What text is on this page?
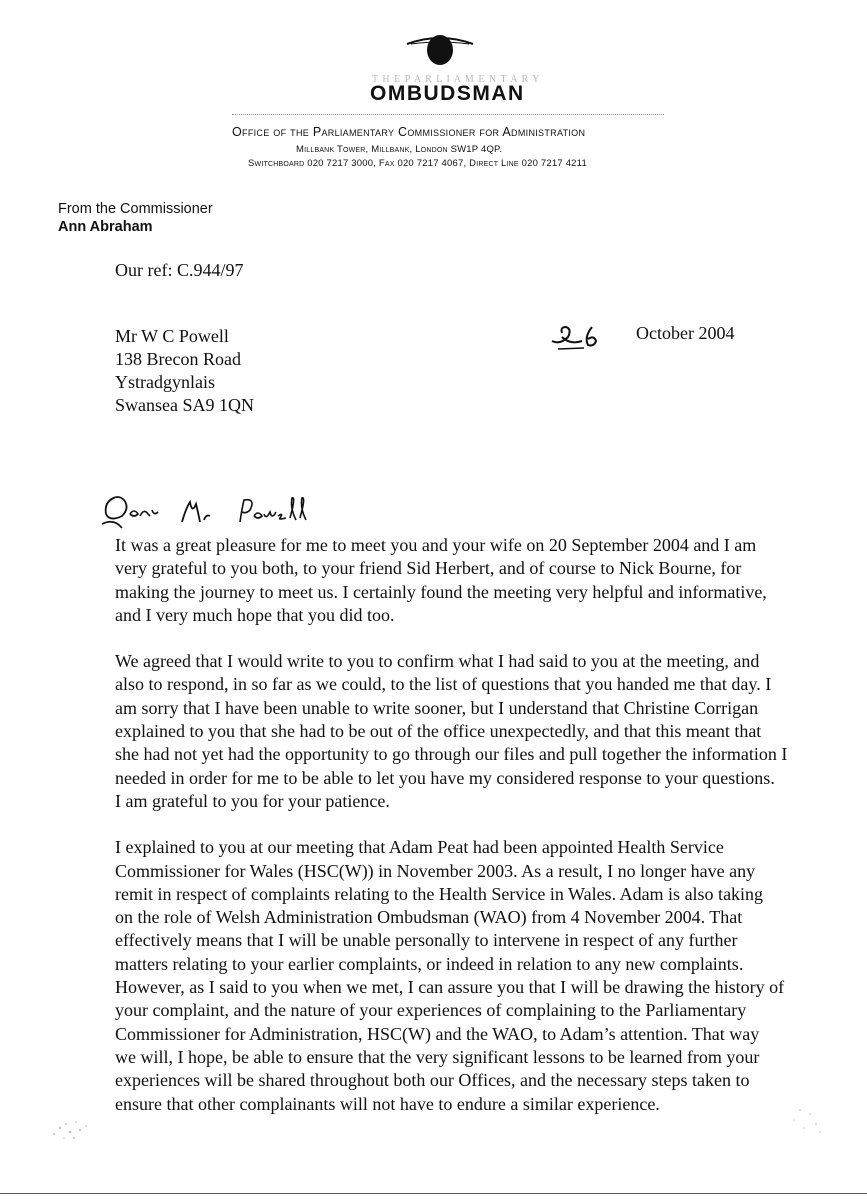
T H E P A R L I A M E N T A R Y
OMBUDSMAN
Office of the Parliamentary Commissioner for Administration
Millbank Tower, Millbank, London SW1P 4QP.
Switchboard 020 7217 3000, Fax 020 7217 4067, Direct Line 020 7217 4211
From the Commissioner
Ann Abraham
Our ref: C.944/97
Mr W C Powell
138 Brecon Road
Ystradgynlais
Swansea SA9 1QN
October 2004

It was a great pleasure for me to meet you and your wife on 20 September 2004 and I am
very grateful to you both, to your friend Sid Herbert, and of course to Nick Bourne, for
making the journey to meet us. I certainly found the meeting very helpful and informative,
and I very much hope that you did too.

We agreed that I would write to you to confirm what I had said to you at the meeting, and
also to respond, in so far as we could, to the list of questions that you handed me that day. I
am sorry that I have been unable to write sooner, but I understand that Christine Corrigan
explained to you that she had to be out of the office unexpectedly, and that this meant that
she had not yet had the opportunity to go through our files and pull together the information I
needed in order for me to be able to let you have my considered response to your questions.
I am grateful to you for your patience.

I explained to you at our meeting that Adam Peat had been appointed Health Service
Commissioner for Wales (HSC(W)) in November 2003. As a result, I no longer have any
remit in respect of complaints relating to the Health Service in Wales. Adam is also taking
on the role of Welsh Administration Ombudsman (WAO) from 4 November 2004. That
effectively means that I will be unable personally to intervene in respect of any further
matters relating to your earlier complaints, or indeed in relation to any new complaints.
However, as I said to you when we met, I can assure you that I will be drawing the history of
your complaint, and the nature of your experiences of complaining to the Parliamentary
Commissioner for Administration, HSC(W) and the WAO, to Adam’s attention. That way
we will, I hope, be able to ensure that the very significant lessons to be learned from your
experiences will be shared throughout both our Offices, and the necessary steps taken to
ensure that other complainants will not have to endure a similar experience.
